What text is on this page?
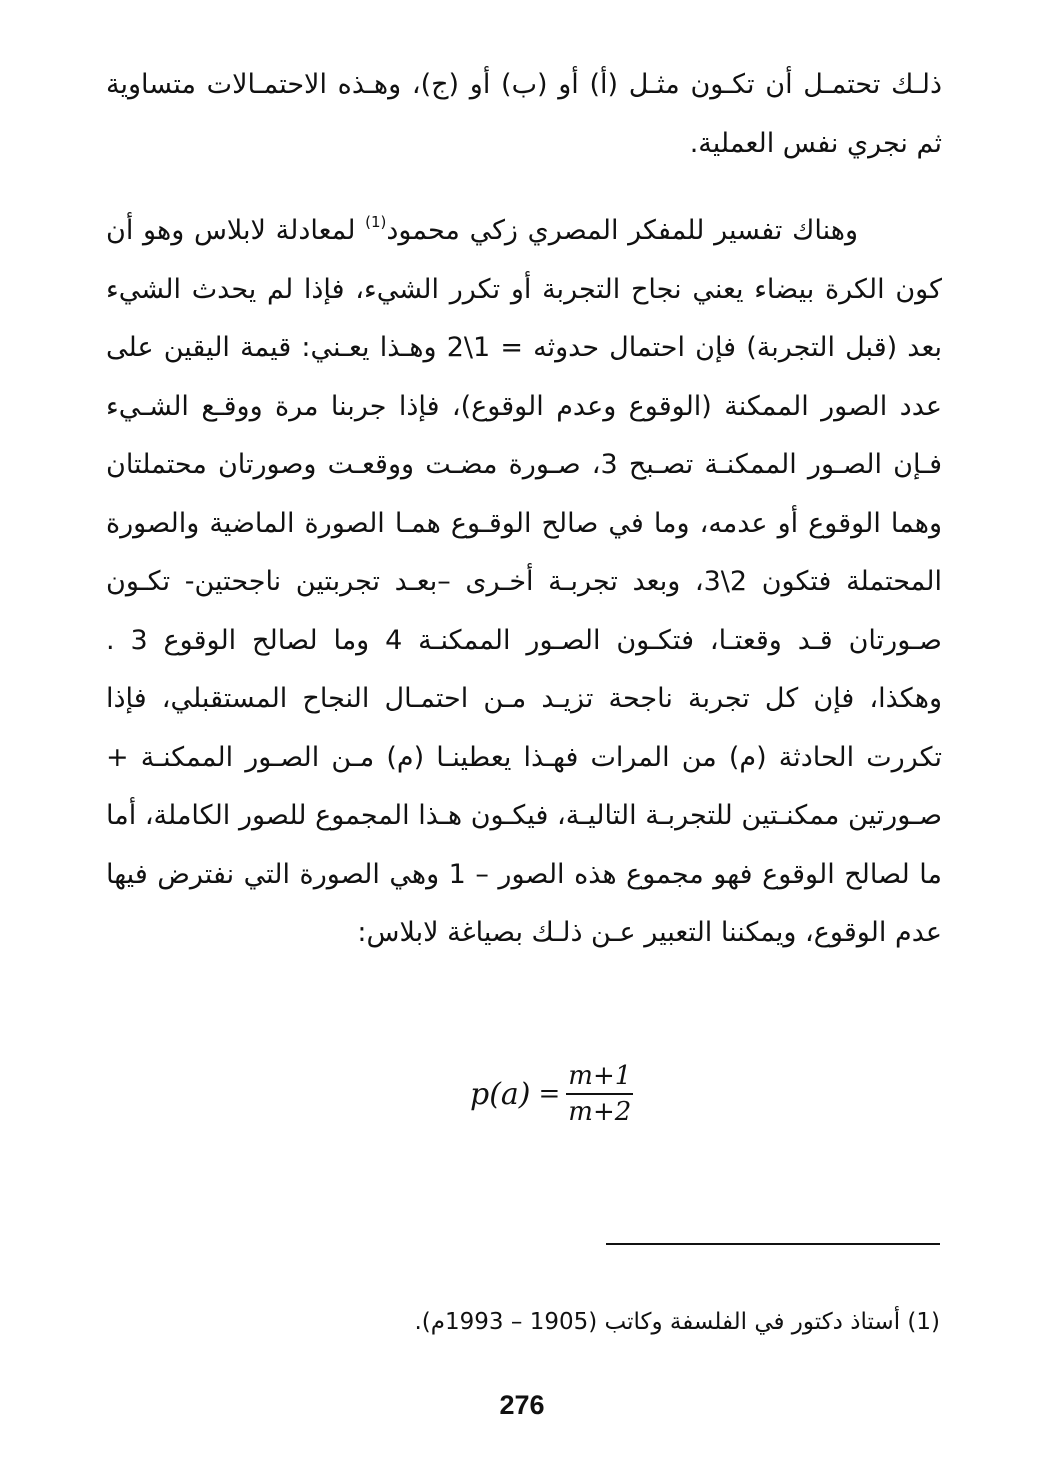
ذلـك تحتمـل أن تكـون مثـل (أ) أو (ب) أو (ج)، وهـذه الاحتمـالات متساوية ثم نجري نفس العملية.

وهناك تفسير للمفكر المصري زكي محمود$^{(1)}$ لمعادلة لابلاس وهو أن كون الكرة بيضاء يعني نجاح التجربة أو تكرر الشيء، فإذا لم يحدث الشيء بعد (قبل التجربة) فإن احتمال حدوثه = 1\2 وهـذا يعـني: قيمة اليقين على عدد الصور الممكنة (الوقوع وعدم الوقوع)، فإذا جربنا مرة ووقـع الشـيء فـإن الصـور الممكنـة تصـبح 3، صـورة مضـت ووقعـت وصورتان محتملتان وهما الوقوع أو عدمه، وما في صالح الوقـوع همـا الصورة الماضية والصورة المحتملة فتكون 2\3، وبعد تجربـة أخـرى –بعـد تجربتين ناجحتين- تكـون صـورتان قـد وقعتـا، فتكـون الصـور الممكنـة 4 وما لصالح الوقوع 3 . وهكذا، فإن كل تجربة ناجحة تزيـد مـن احتمـال النجاح المستقبلي، فإذا تكررت الحادثة (م) من المرات فهـذا يعطينـا (م) مـن الصـور الممكنـة + صـورتين ممكنـتين للتجربـة التاليـة، فيكـون هـذا المجموع للصور الكاملة، أما ما لصالح الوقوع فهو مجموع هذه الصور – 1 وهي الصورة التي نفترض فيها عدم الوقوع، ويمكننا التعبير عـن ذلـك بصياغة لابلاس:

$p(a) = \frac{m+1}{m+2}$

(1) أستاذ دكتور في الفلسفة وكاتب (1905 – 1993م).

276
